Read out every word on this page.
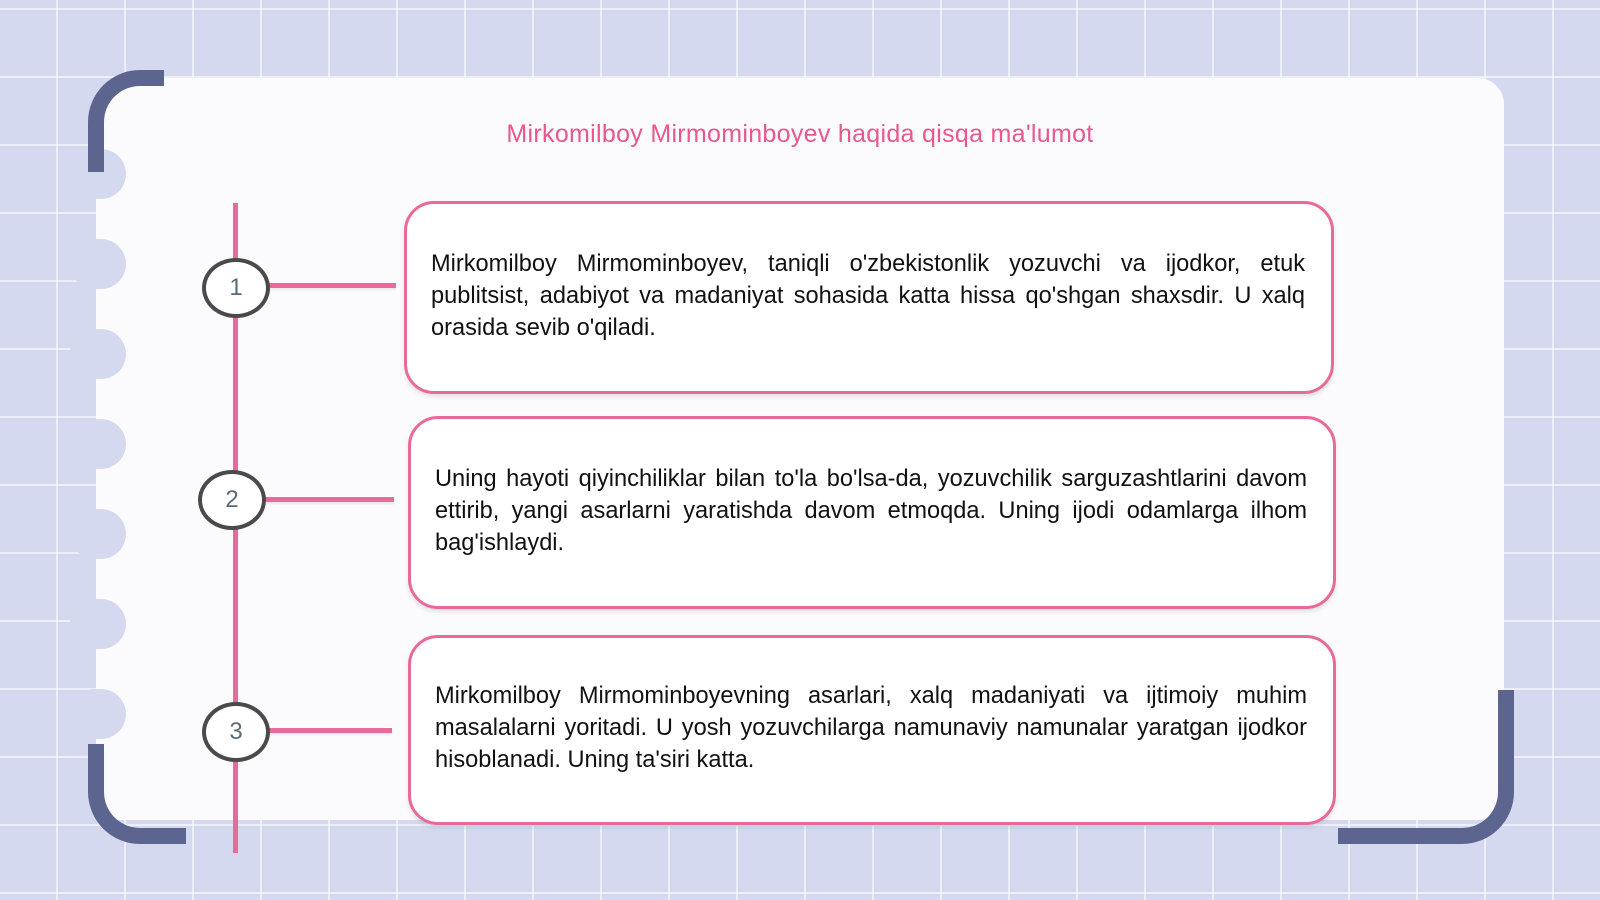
Mirkomilboy Mirmominboyev haqida qisqa ma'lumot
1
Mirkomilboy Mirmominboyev, taniqli o'zbekistonlik yozuvchi va ijodkor, etuk publitsist, adabiyot va madaniyat sohasida katta hissa qo'shgan shaxsdir. U xalq orasida sevib o'qiladi.
2
Uning hayoti qiyinchiliklar bilan to'la bo'lsa-da, yozuvchilik sarguzashtlarini davom ettirib, yangi asarlarni yaratishda davom etmoqda. Uning ijodi odamlarga ilhom bag'ishlaydi.
3
Mirkomilboy Mirmominboyevning asarlari, xalq madaniyati va ijtimoiy muhim masalalarni yoritadi. U yosh yozuvchilarga namunaviy namunalar yaratgan ijodkor hisoblanadi. Uning ta'siri katta.
